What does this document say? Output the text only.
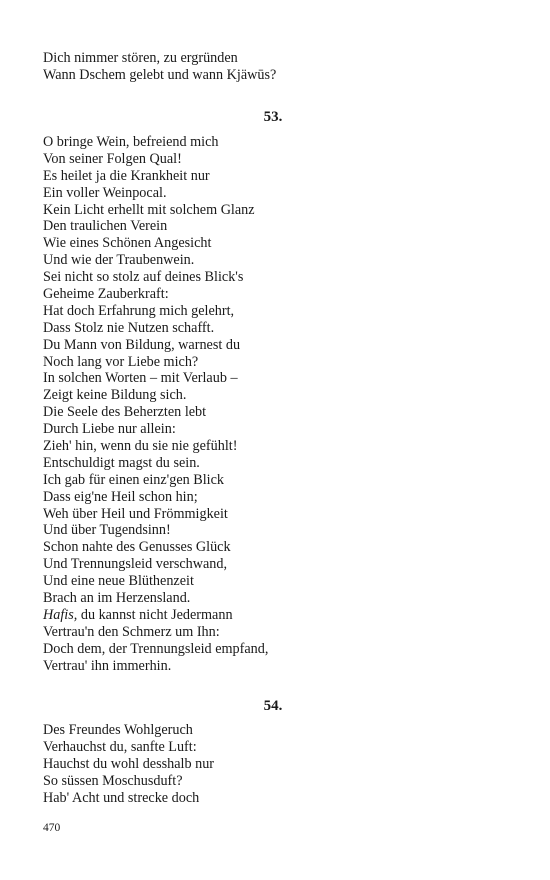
Dich nimmer stören, zu ergründen
Wann Dschem gelebt und wann Kjäwūs?
53.
O bringe Wein, befreiend mich
Von seiner Folgen Qual!
Es heilet ja die Krankheit nur
Ein voller Weinpocal.
Kein Licht erhellt mit solchem Glanz
Den traulichen Verein
Wie eines Schönen Angesicht
Und wie der Traubenwein.
Sei nicht so stolz auf deines Blick's
Geheime Zauberkraft:
Hat doch Erfahrung mich gelehrt,
Dass Stolz nie Nutzen schafft.
Du Mann von Bildung, warnest du
Noch lang vor Liebe mich?
In solchen Worten – mit Verlaub –
Zeigt keine Bildung sich.
Die Seele des Beherzten lebt
Durch Liebe nur allein:
Zieh' hin, wenn du sie nie gefühlt!
Entschuldigt magst du sein.
Ich gab für einen einz'gen Blick
Dass eig'ne Heil schon hin;
Weh über Heil und Frömmigkeit
Und über Tugendsinn!
Schon nahte des Genusses Glück
Und Trennungsleid verschwand,
Und eine neue Blüthenzeit
Brach an im Herzensland.
Hafis, du kannst nicht Jedermann
Vertrau'n den Schmerz um Ihn:
Doch dem, der Trennungsleid empfand,
Vertrau' ihn immerhin.
54.
Des Freundes Wohlgeruch
Verhauchst du, sanfte Luft:
Hauchst du wohl desshalb nur
So süssen Moschusduft?
Hab' Acht und strecke doch
470
